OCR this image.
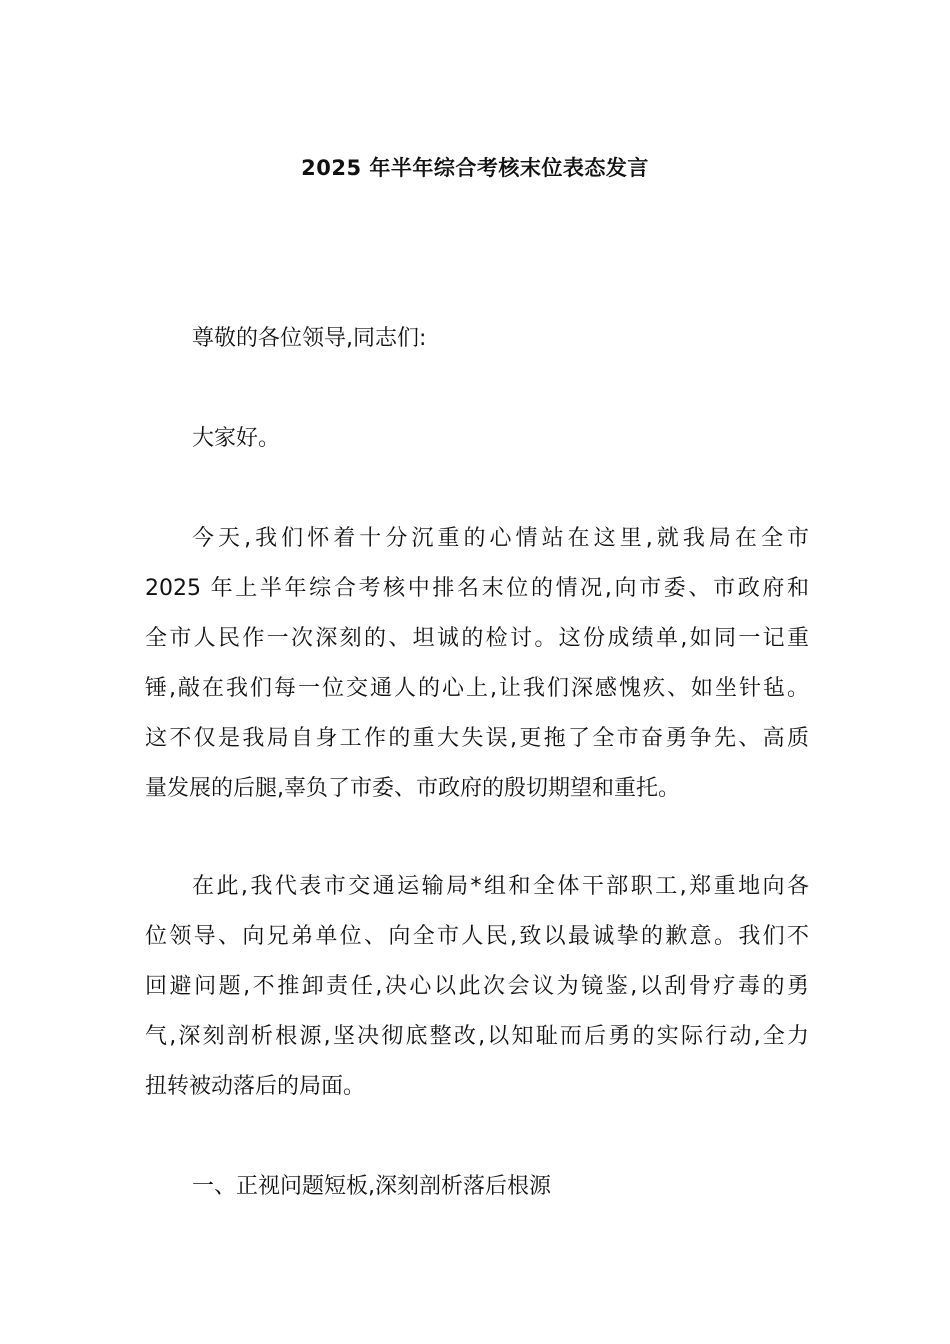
2025 年半年综合考核末位表态发言

尊敬的各位领导,同志们:

大家好。

今天,我们怀着十分沉重的心情站在这里,就我局在全市
2025 年上半年综合考核中排名末位的情况,向市委、市政府和
全市人民作一次深刻的、坦诚的检讨。这份成绩单,如同一记重
锤,敲在我们每一位交通人的心上,让我们深感愧疚、如坐针毡。
这不仅是我局自身工作的重大失误,更拖了全市奋勇争先、高质
量发展的后腿,辜负了市委、市政府的殷切期望和重托。
在此,我代表市交通运输局*组和全体干部职工,郑重地向各
位领导、向兄弟单位、向全市人民,致以最诚挚的歉意。我们不
回避问题,不推卸责任,决心以此次会议为镜鉴,以刮骨疗毒的勇
气,深刻剖析根源,坚决彻底整改,以知耻而后勇的实际行动,全力
扭转被动落后的局面。

一、正视问题短板,深刻剖析落后根源
